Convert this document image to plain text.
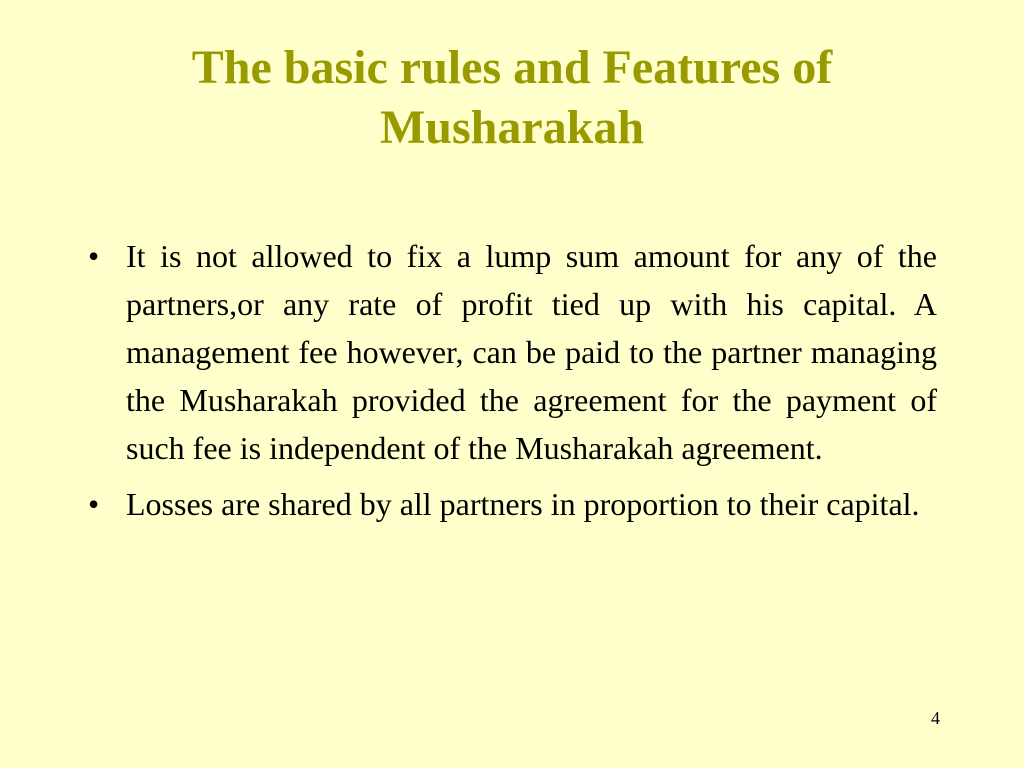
The basic rules and Features of
Musharakah
• It is not allowed to fix a lump sum amount for any of the partners,or any rate of profit tied up with his capital. A management fee however, can be paid to the partner managing the Musharakah provided the agreement for the payment of such fee is independent of the Musharakah agreement.
• Losses are shared by all partners in proportion to their capital.
4
